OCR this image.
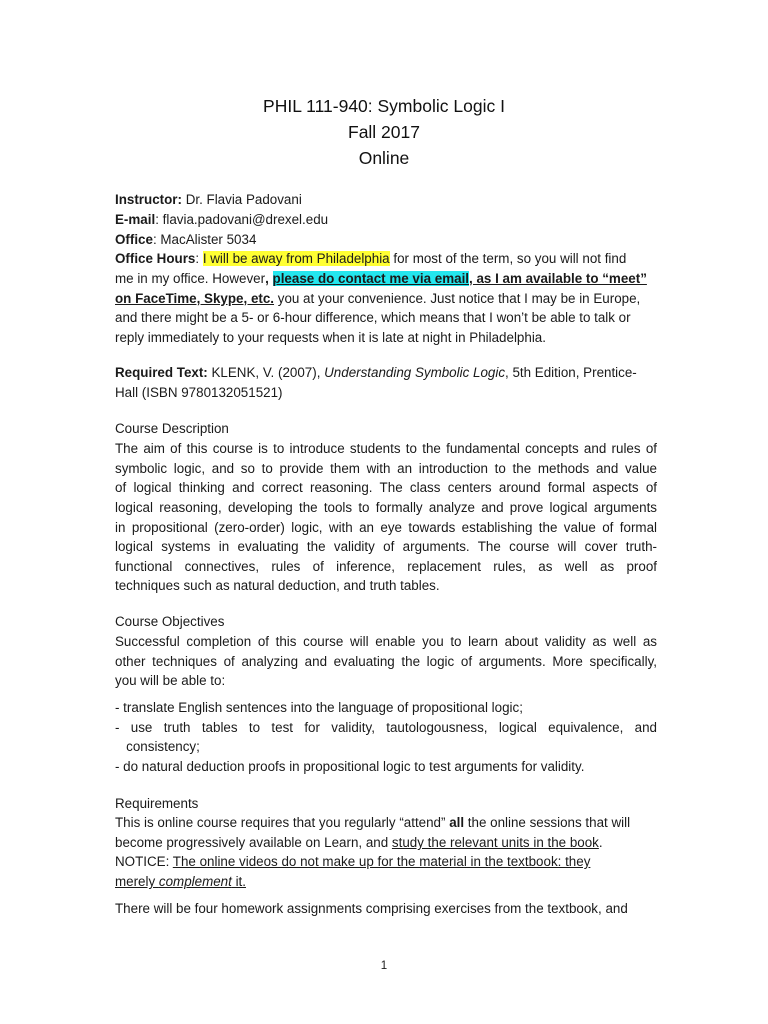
PHIL 111-940: Symbolic Logic I
Fall 2017
Online
Instructor: Dr. Flavia Padovani
E-mail: flavia.padovani@drexel.edu
Office: MacAlister 5034
Office Hours: I will be away from Philadelphia for most of the term, so you will not find
me in my office. However, please do contact me via email, as I am available to “meet”
on FaceTime, Skype, etc. you at your convenience. Just notice that I may be in Europe,
and there might be a 5- or 6-hour difference, which means that I won’t be able to talk or
reply immediately to your requests when it is late at night in Philadelphia.
Required Text: KLENK, V. (2007), Understanding Symbolic Logic, 5th Edition, Prentice-
Hall (ISBN 9780132051521)
Course Description
The aim of this course is to introduce students to the fundamental concepts and rules of
symbolic logic, and so to provide them with an introduction to the methods and value
of logical thinking and correct reasoning. The class centers around formal aspects of
logical reasoning, developing the tools to formally analyze and prove logical arguments
in propositional (zero-order) logic, with an eye towards establishing the value of formal
logical systems in evaluating the validity of arguments. The course will cover truth-
functional connectives, rules of inference, replacement rules, as well as proof
techniques such as natural deduction, and truth tables.
Course Objectives
Successful completion of this course will enable you to learn about validity as well as
other techniques of analyzing and evaluating the logic of arguments. More specifically,
you will be able to:
- translate English sentences into the language of propositional logic;
- use truth tables to test for validity, tautologousness, logical equivalence, and
consistency;
- do natural deduction proofs in propositional logic to test arguments for validity.
Requirements
This is online course requires that you regularly “attend” all the online sessions that will
become progressively available on Learn, and study the relevant units in the book.
NOTICE: The online videos do not make up for the material in the textbook: they
merely complement it.
There will be four homework assignments comprising exercises from the textbook, and
1
